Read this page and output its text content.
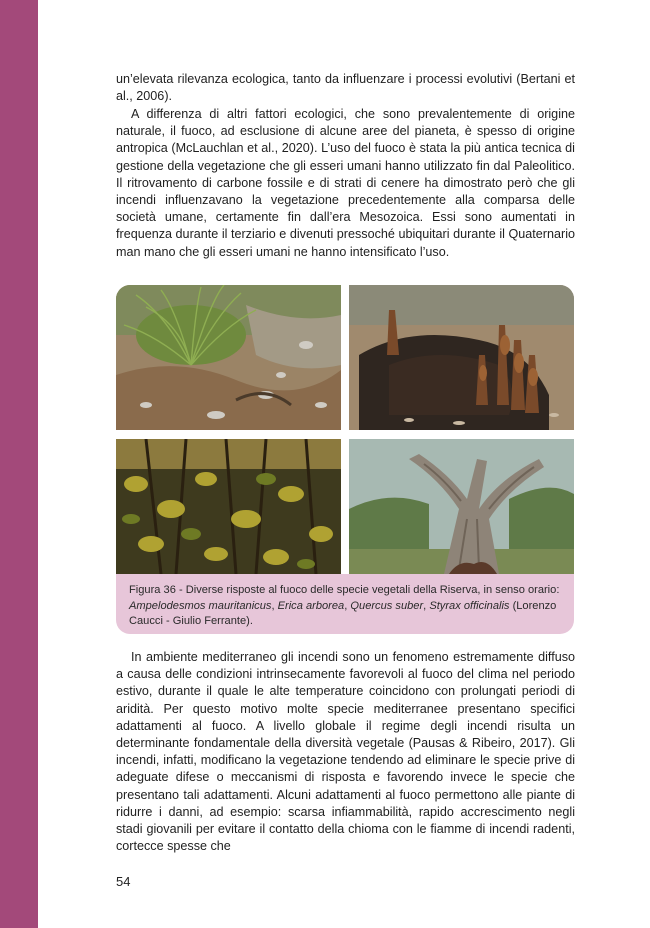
un’elevata rilevanza ecologica, tanto da influenzare i processi evolutivi (Bertani et al., 2006).

A differenza di altri fattori ecologici, che sono prevalentemente di origine naturale, il fuoco, ad esclusione di alcune aree del pianeta, è spesso di origine antropica (McLauchlan et al., 2020). L’uso del fuoco è stata la più antica tecnica di gestione della vegetazione che gli esseri umani hanno utilizzato fin dal Paleolitico. Il ritrovamento di carbone fossile e di strati di cenere ha dimostrato però che gli incendi influenzavano la vegetazione precedentemente alla comparsa delle società umane, certamente fin dall’era Mesozoica. Essi sono aumentati in frequenza durante il terziario e divenuti pressoché ubiquitari durante il Quaternario man mano che gli esseri umani ne hanno intensificato l’uso.

Figura 36 - Diverse risposte al fuoco delle specie vegetali della Riserva, in senso orario: Ampelodesmos mauritanicus, Erica arborea, Quercus suber, Styrax officinalis (Lorenzo Caucci - Giulio Ferrante).

In ambiente mediterraneo gli incendi sono un fenomeno estremamente diffuso a causa delle condizioni intrinsecamente favorevoli al fuoco del clima nel periodo estivo, durante il quale le alte temperature coincidono con prolungati periodi di aridità. Per questo motivo molte specie mediterranee presentano specifici adattamenti al fuoco. A livello globale il regime degli incendi risulta un determinante fondamentale della diversità vegetale (Pausas & Ribeiro, 2017). Gli incendi, infatti, modificano la vegetazione tendendo ad eliminare le specie prive di adeguate difese o meccanismi di risposta e favorendo invece le specie che presentano tali adattamenti. Alcuni adattamenti al fuoco permettono alle piante di ridurre i danni, ad esempio: scarsa infiammabilità, rapido accrescimento negli stadi giovanili per evitare il contatto della chioma con le fiamme di incendi radenti, cortecce spesse che

54
